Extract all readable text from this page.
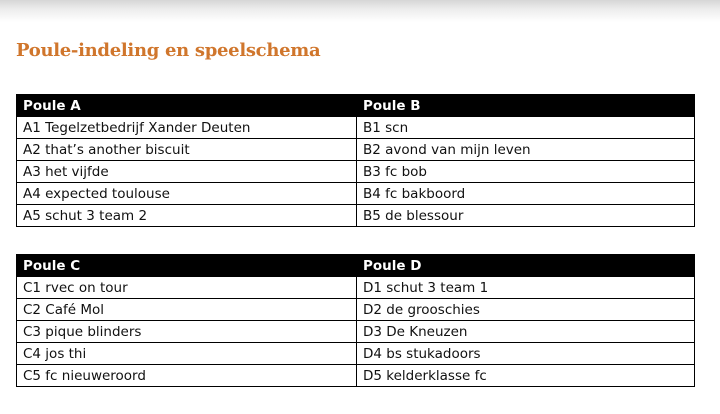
Poule-indeling en speelschema
Poule A	Poule B
A1 Tegelzetbedrijf Xander Deuten	B1 scn
A2 that’s another biscuit	B2 avond van mijn leven
A3 het vijfde	B3 fc bob
A4 expected toulouse	B4 fc bakboord
A5 schut 3 team 2	B5 de blessour
Poule C	Poule D
C1 rvec on tour	D1 schut 3 team 1
C2 Café Mol	D2 de grooschies
C3 pique blinders	D3 De Kneuzen
C4 jos thi	D4 bs stukadoors
C5 fc nieuweroord	D5 kelderklasse fc
